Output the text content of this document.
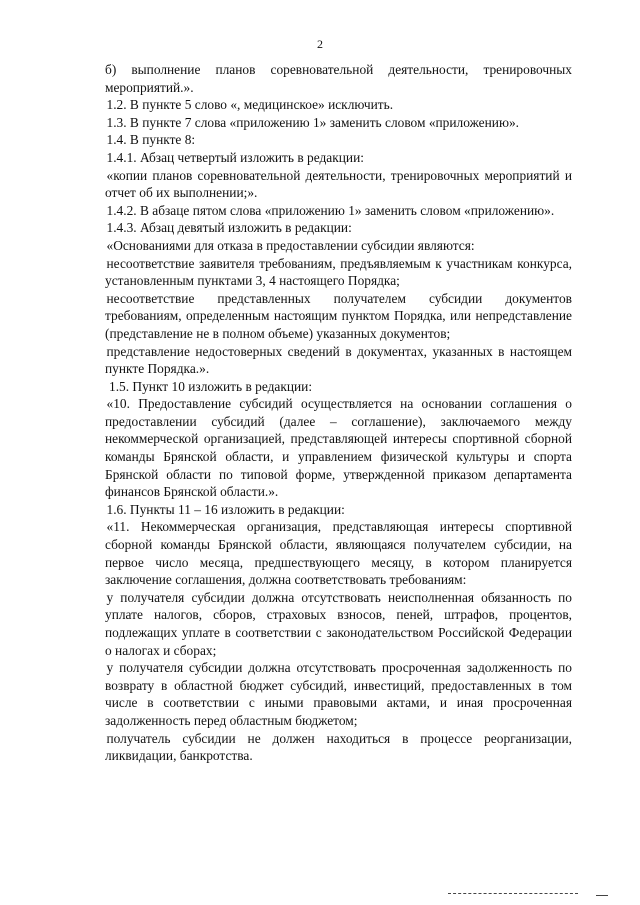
2

б) выполнение планов соревновательной деятельности, тренировочных мероприятий.».

1.2. В пункте 5 слово «, медицинское» исключить.

1.3. В пункте 7 слова «приложению 1» заменить словом «приложению».

1.4. В пункте 8:

1.4.1. Абзац четвертый изложить в редакции:

«копии планов соревновательной деятельности, тренировочных мероприятий и отчет об их выполнении;».

1.4.2. В абзаце пятом слова «приложению 1» заменить словом «приложению».

1.4.3. Абзац девятый изложить в редакции:

«Основаниями для отказа в предоставлении субсидии являются:

несоответствие заявителя требованиям, предъявляемым к участникам конкурса, установленным пунктами 3, 4 настоящего Порядка;

несоответствие представленных получателем субсидии документов требованиям, определенным настоящим пунктом Порядка, или непредставление (представление не в полном объеме) указанных документов;

представление недостоверных сведений в документах, указанных в настоящем пункте Порядка.».

1.5. Пункт 10 изложить в редакции:

«10. Предоставление субсидий осуществляется на основании соглашения о предоставлении субсидий (далее – соглашение), заключаемого между некоммерческой организацией, представляющей интересы спортивной сборной команды Брянской области, и управлением физической культуры и спорта Брянской области по типовой форме, утвержденной приказом департамента финансов Брянской области.».

1.6. Пункты 11 – 16 изложить в редакции:

«11. Некоммерческая организация, представляющая интересы спортивной сборной команды Брянской области, являющаяся получателем субсидии, на первое число месяца, предшествующего месяцу, в котором планируется заключение соглашения, должна соответствовать требованиям:

у получателя субсидии должна отсутствовать неисполненная обязанность по уплате налогов, сборов, страховых взносов, пеней, штрафов, процентов, подлежащих уплате в соответствии с законодательством Российской Федерации о налогах и сборах;

у получателя субсидии должна отсутствовать просроченная задолженность по возврату в областной бюджет субсидий, инвестиций, предоставленных в том числе в соответствии с иными правовыми актами, и иная просроченная задолженность перед областным бюджетом;

получатель субсидии не должен находиться в процессе реорганизации, ликвидации, банкротства.
